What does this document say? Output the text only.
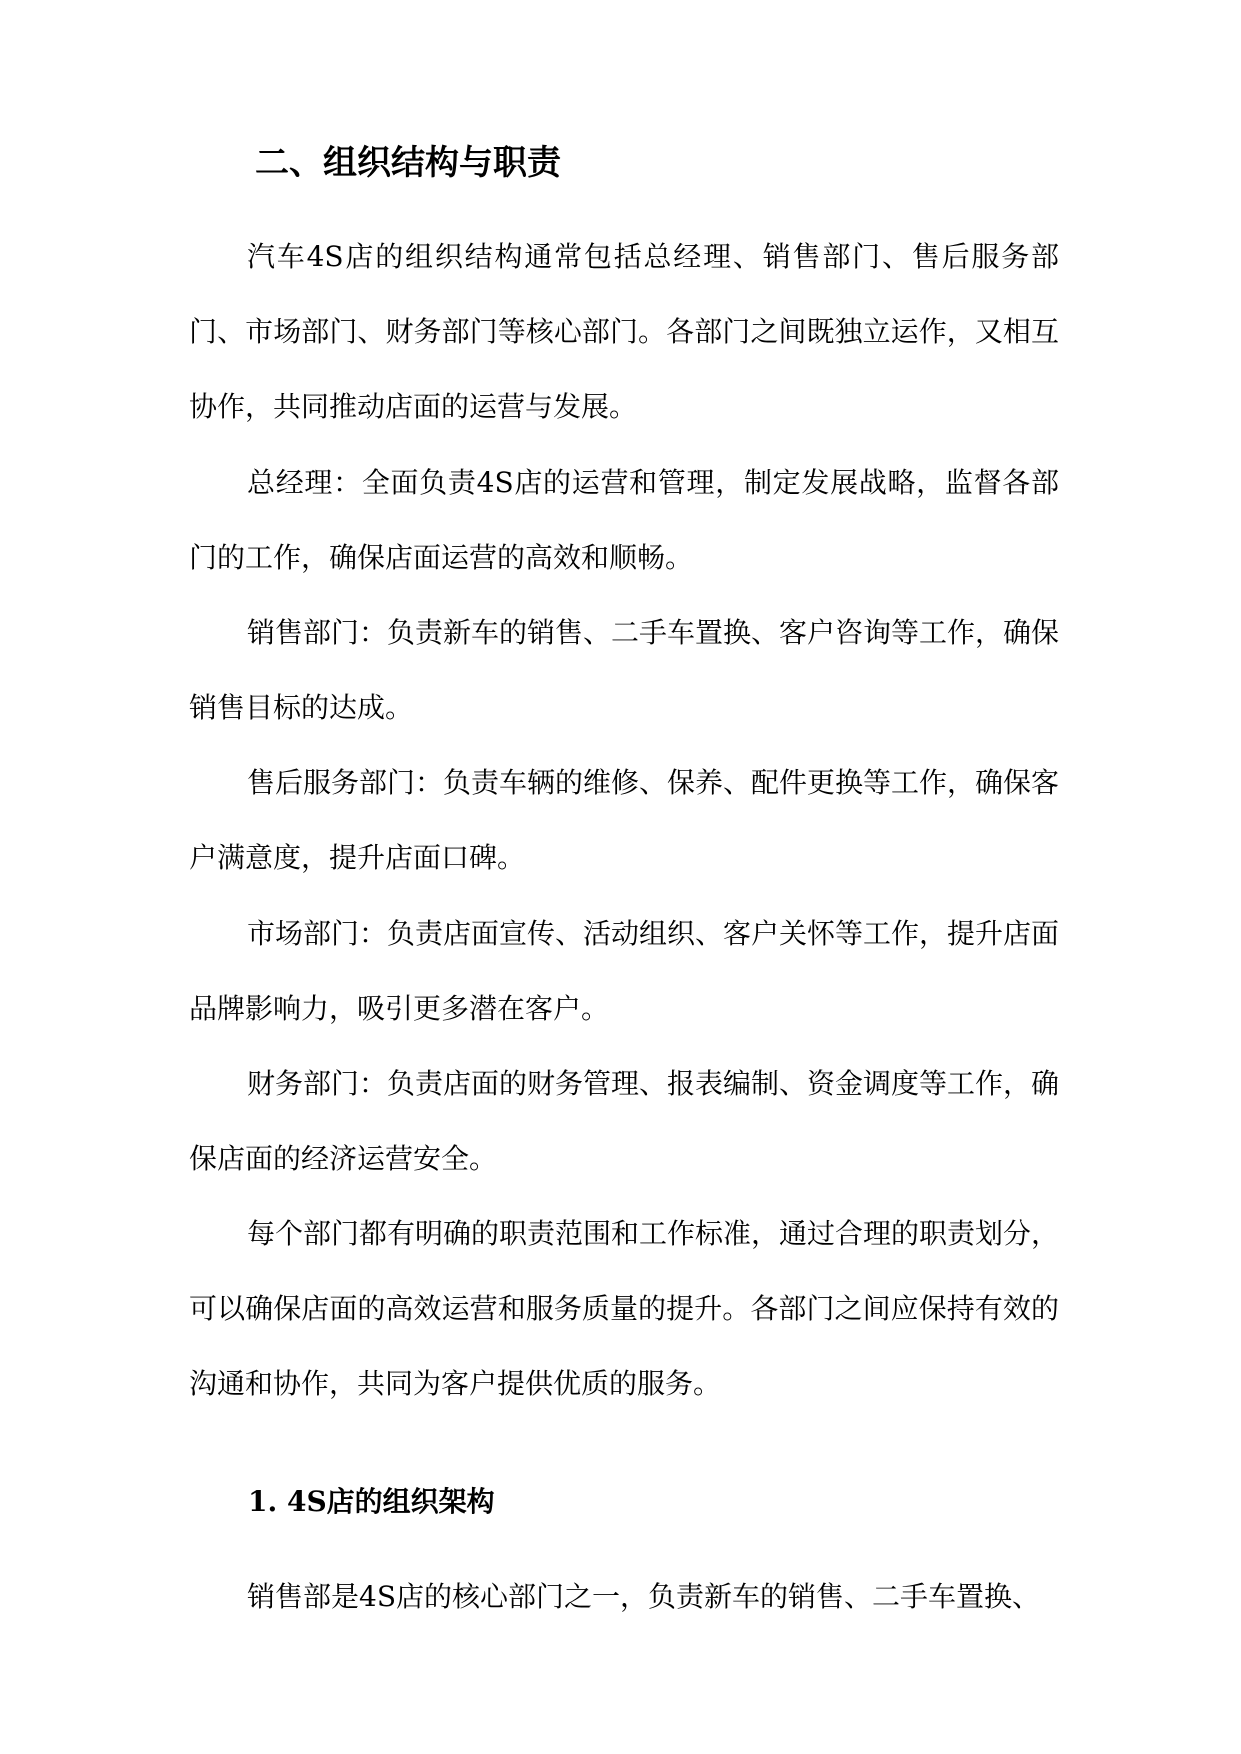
二、组织结构与职责

汽车4S店的组织结构通常包括总经理、销售部门、售后服务部门、市场部门、财务部门等核心部门。各部门之间既独立运作，又相互协作，共同推动店面的运营与发展。

总经理：全面负责4S店的运营和管理，制定发展战略，监督各部门的工作，确保店面运营的高效和顺畅。

销售部门：负责新车的销售、二手车置换、客户咨询等工作，确保销售目标的达成。

售后服务部门：负责车辆的维修、保养、配件更换等工作，确保客户满意度，提升店面口碑。

市场部门：负责店面宣传、活动组织、客户关怀等工作，提升店面品牌影响力，吸引更多潜在客户。

财务部门：负责店面的财务管理、报表编制、资金调度等工作，确保店面的经济运营安全。

每个部门都有明确的职责范围和工作标准，通过合理的职责划分，可以确保店面的高效运营和服务质量的提升。各部门之间应保持有效的沟通和协作，共同为客户提供优质的服务。

1. 4S店的组织架构

销售部是4S店的核心部门之一，负责新车的销售、二手车置换、
